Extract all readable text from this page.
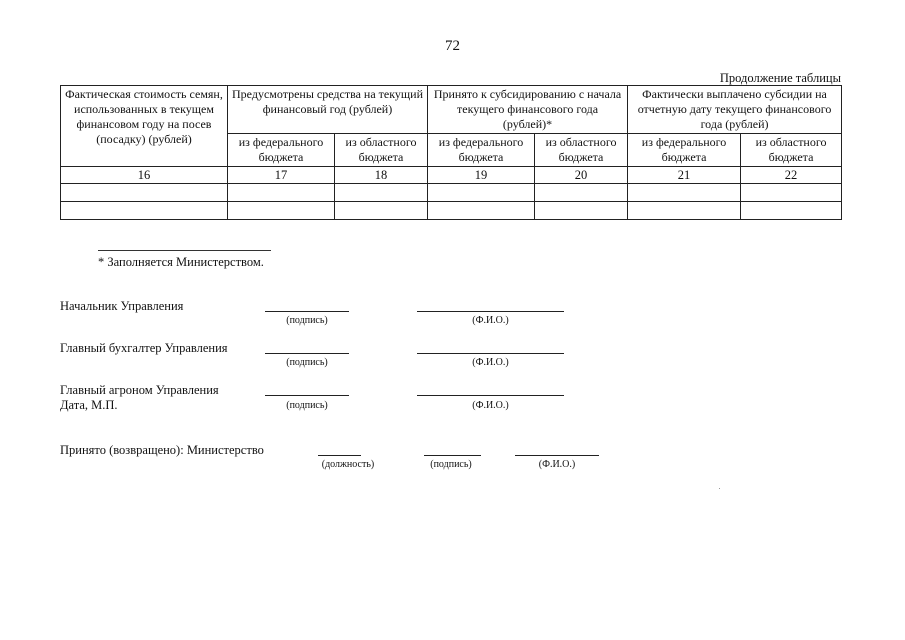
72
Продолжение таблицы
Фактическая стоимость семян, использованных в текущем финансовом году на посев (посадку) (рублей)	Предусмотрены средства на текущий финансовый год (рублей)		Принято к субсидированию с начала текущего финансового года (рублей)*		Фактически выплачено субсидии на отчетную дату текущего финансового года (рублей)	
	из федерального бюджета	из областного бюджета	из федерального бюджета	из областного бюджета	из федерального бюджета	из областного бюджета
16	17	18	19	20	21	22

* Заполняется Министерством.
Начальник Управления
(подпись)	(Ф.И.О.)
Главный бухгалтер Управления
(подпись)	(Ф.И.О.)
Главный агроном Управления
Дата, М.П.	(подпись)	(Ф.И.О.)
Принято (возвращено): Министерство
(должность)	(подпись)	(Ф.И.О.)
